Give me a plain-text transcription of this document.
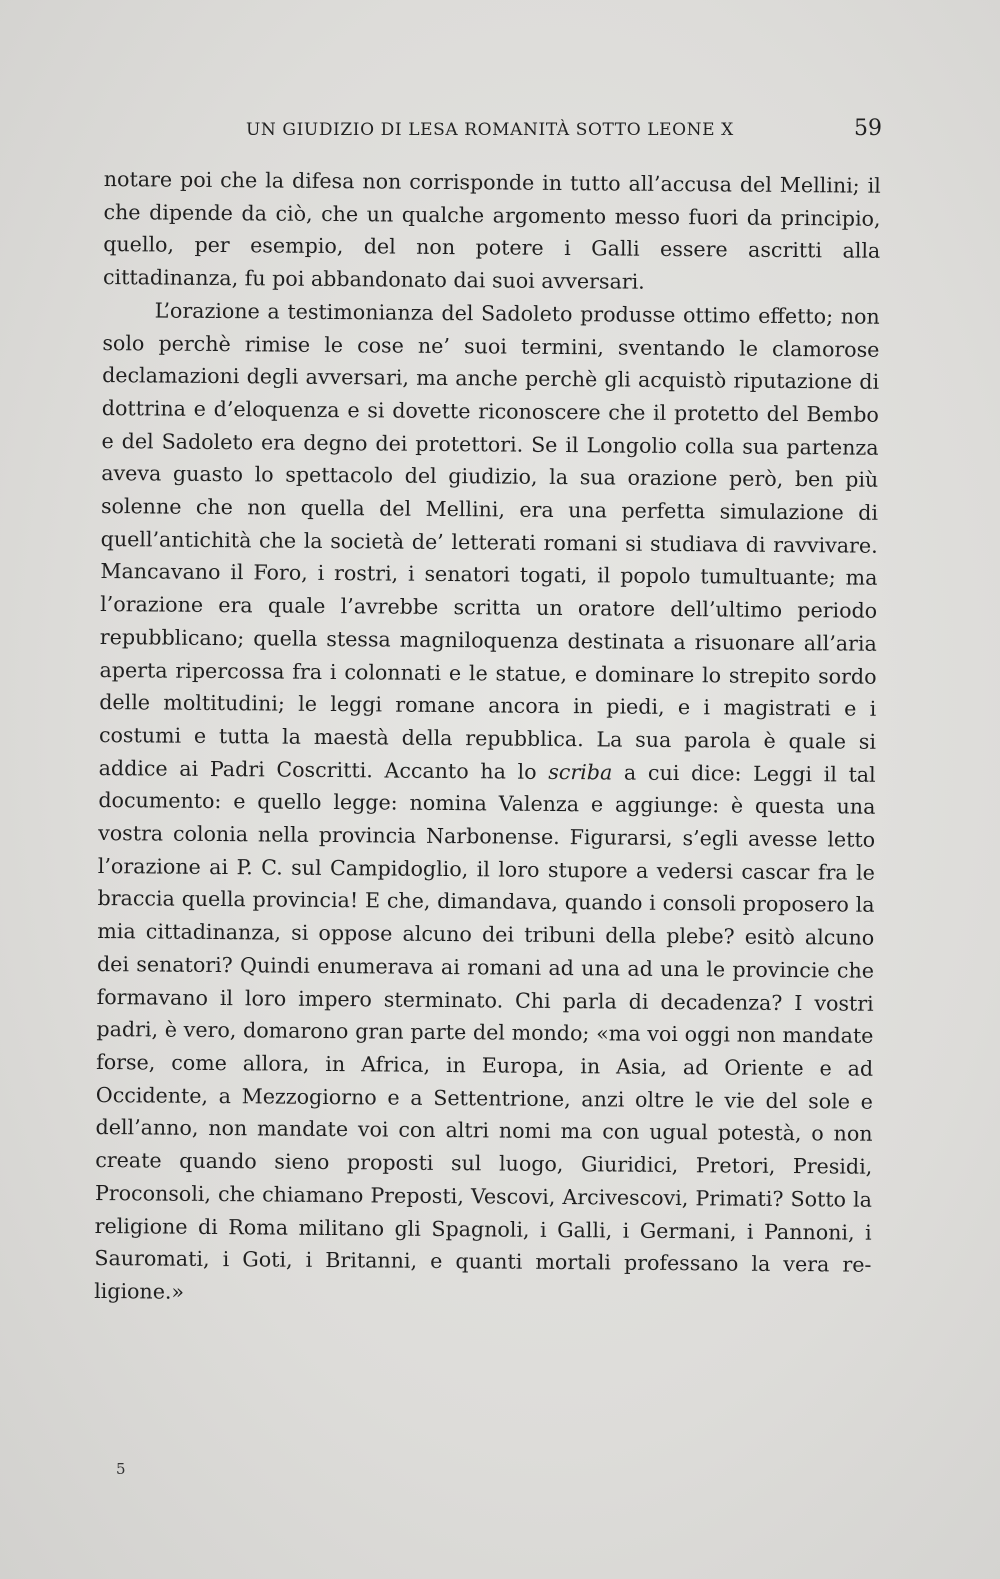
UN GIUDIZIO DI LESA ROMANITÀ SOTTO LEONE X	59

notare poi che la difesa non corrisponde in tutto all’accusa del Mellini; il che dipende da ciò, che un qualche argomento messo fuori da principio, quello, per esempio, del non potere i Galli essere ascritti alla cittadinanza, fu poi abbandonato dai suoi avversari.

L’orazione a testimonianza del Sadoleto produsse ottimo effetto; non solo perchè rimise le cose ne’ suoi termini, sventando le clamorose declamazioni degli avversari, ma anche perchè gli acquistò riputazione di dottrina e d’eloquenza e si dovette riconoscere che il protetto del Bembo e del Sadoleto era degno dei protettori. Se il Longolio colla sua partenza aveva guasto lo spettacolo del giudizio, la sua orazione però, ben più solenne che non quella del Mellini, era una perfetta simulazione di quell’antichità che la società de’ letterati romani si studiava di ravvivare. Mancavano il Foro, i rostri, i senatori togati, il popolo tumultuante; ma l’orazione era quale l’avrebbe scritta un oratore dell’ultimo periodo repubblicano; quella stessa magniloquenza destinata a risuonare all’aria aperta ripercossa fra i colonnati e le statue, e dominare lo strepito sordo delle moltitudini; le leggi romane ancora in piedi, e i magistrati e i costumi e tutta la maestà della repubblica. La sua parola è quale si addice ai Padri Coscritti. Accanto ha lo scriba a cui dice: Leggi il tal documento: e quello legge: nomina Valenza e aggiunge: è questa una vostra colonia nella provincia Narbonense. Figurarsi, s’egli avesse letto l’orazione ai P. C. sul Campidoglio, il loro stupore a vedersi cascar fra le braccia quella provincia! E che, dimandava, quando i consoli proposero la mia cittadinanza, si oppose alcuno dei tribuni della plebe? esitò alcuno dei senatori? Quindi enumerava ai romani ad una ad una le provincie che formavano il loro impero sterminato. Chi parla di decadenza? I vostri padri, è vero, domarono gran parte del mondo; «ma voi oggi non mandate forse, come allora, in Africa, in Europa, in Asia, ad Oriente e ad Occidente, a Mezzogiorno e a Settentrione, anzi oltre le vie del sole e dell’anno, non mandate voi con altri nomi ma con ugual potestà, o non create quando sieno proposti sul luogo, Giuridici, Pretori, Presidi, Proconsoli, che chiamano Preposti, Vescovi, Arcivescovi, Primati? Sotto la religione di Roma militano gli Spagnoli, i Galli, i Germani, i Pannoni, i Sauromati, i Goti, i Britanni, e quanti mortali professano la vera religione.»

5
